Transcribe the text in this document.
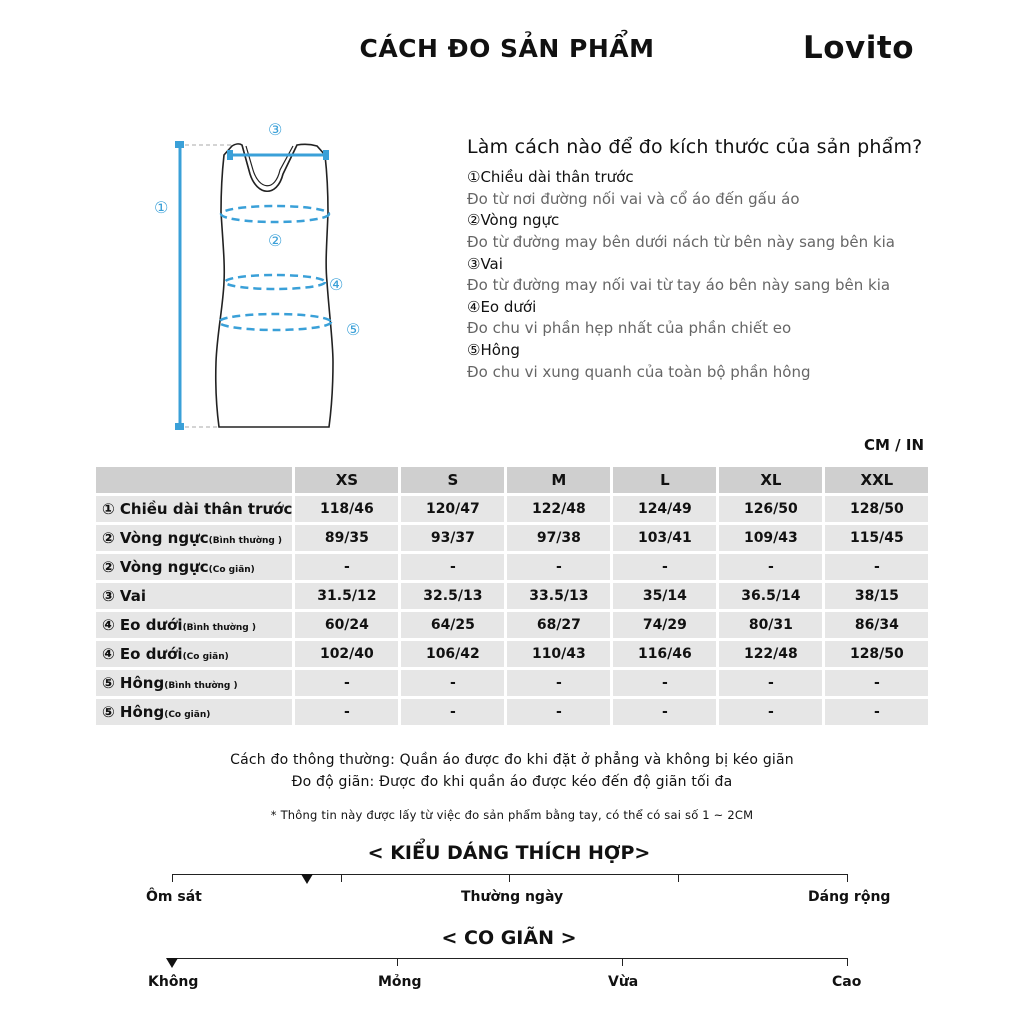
CÁCH ĐO SẢN PHẨM	Lovito
①
②
③
④
⑤
Làm cách nào để đo kích thước của sản phẩm?
①Chiều dài thân trước
Đo từ nơi đường nối vai và cổ áo đến gấu áo
②Vòng ngực
Đo từ đường may bên dưới nách từ bên này sang bên kia
③Vai
Đo từ đường may nối vai từ tay áo bên này sang bên kia
④Eo dưới
Đo chu vi phần hẹp nhất của phần chiết eo
⑤Hông
Đo chu vi xung quanh của toàn bộ phần hông
CM / IN
	XS	S	M	L	XL	XXL
① Chiều dài thân trước	118/46	120/47	122/48	124/49	126/50	128/50
② Vòng ngực(Bình thường )	89/35	93/37	97/38	103/41	109/43	115/45
② Vòng ngực(Co giãn)	-	-	-	-	-	-
③ Vai	31.5/12	32.5/13	33.5/13	35/14	36.5/14	38/15
④ Eo dưới(Bình thường )	60/24	64/25	68/27	74/29	80/31	86/34
④ Eo dưới(Co giãn)	102/40	106/42	110/43	116/46	122/48	128/50
⑤ Hông(Bình thường )	-	-	-	-	-	-
⑤ Hông(Co giãn)	-	-	-	-	-	-
Cách đo thông thường: Quần áo được đo khi đặt ở phẳng và không bị kéo giãn
Đo độ giãn: Được đo khi quần áo được kéo đến độ giãn tối đa
* Thông tin này được lấy từ việc đo sản phẩm bằng tay, có thể có sai số 1 ~ 2CM
< KIỂU DÁNG THÍCH HỢP>
Ôm sát	Thường ngày	Dáng rộng
< CO GIÃN >
Không	Mỏng	Vừa	Cao
